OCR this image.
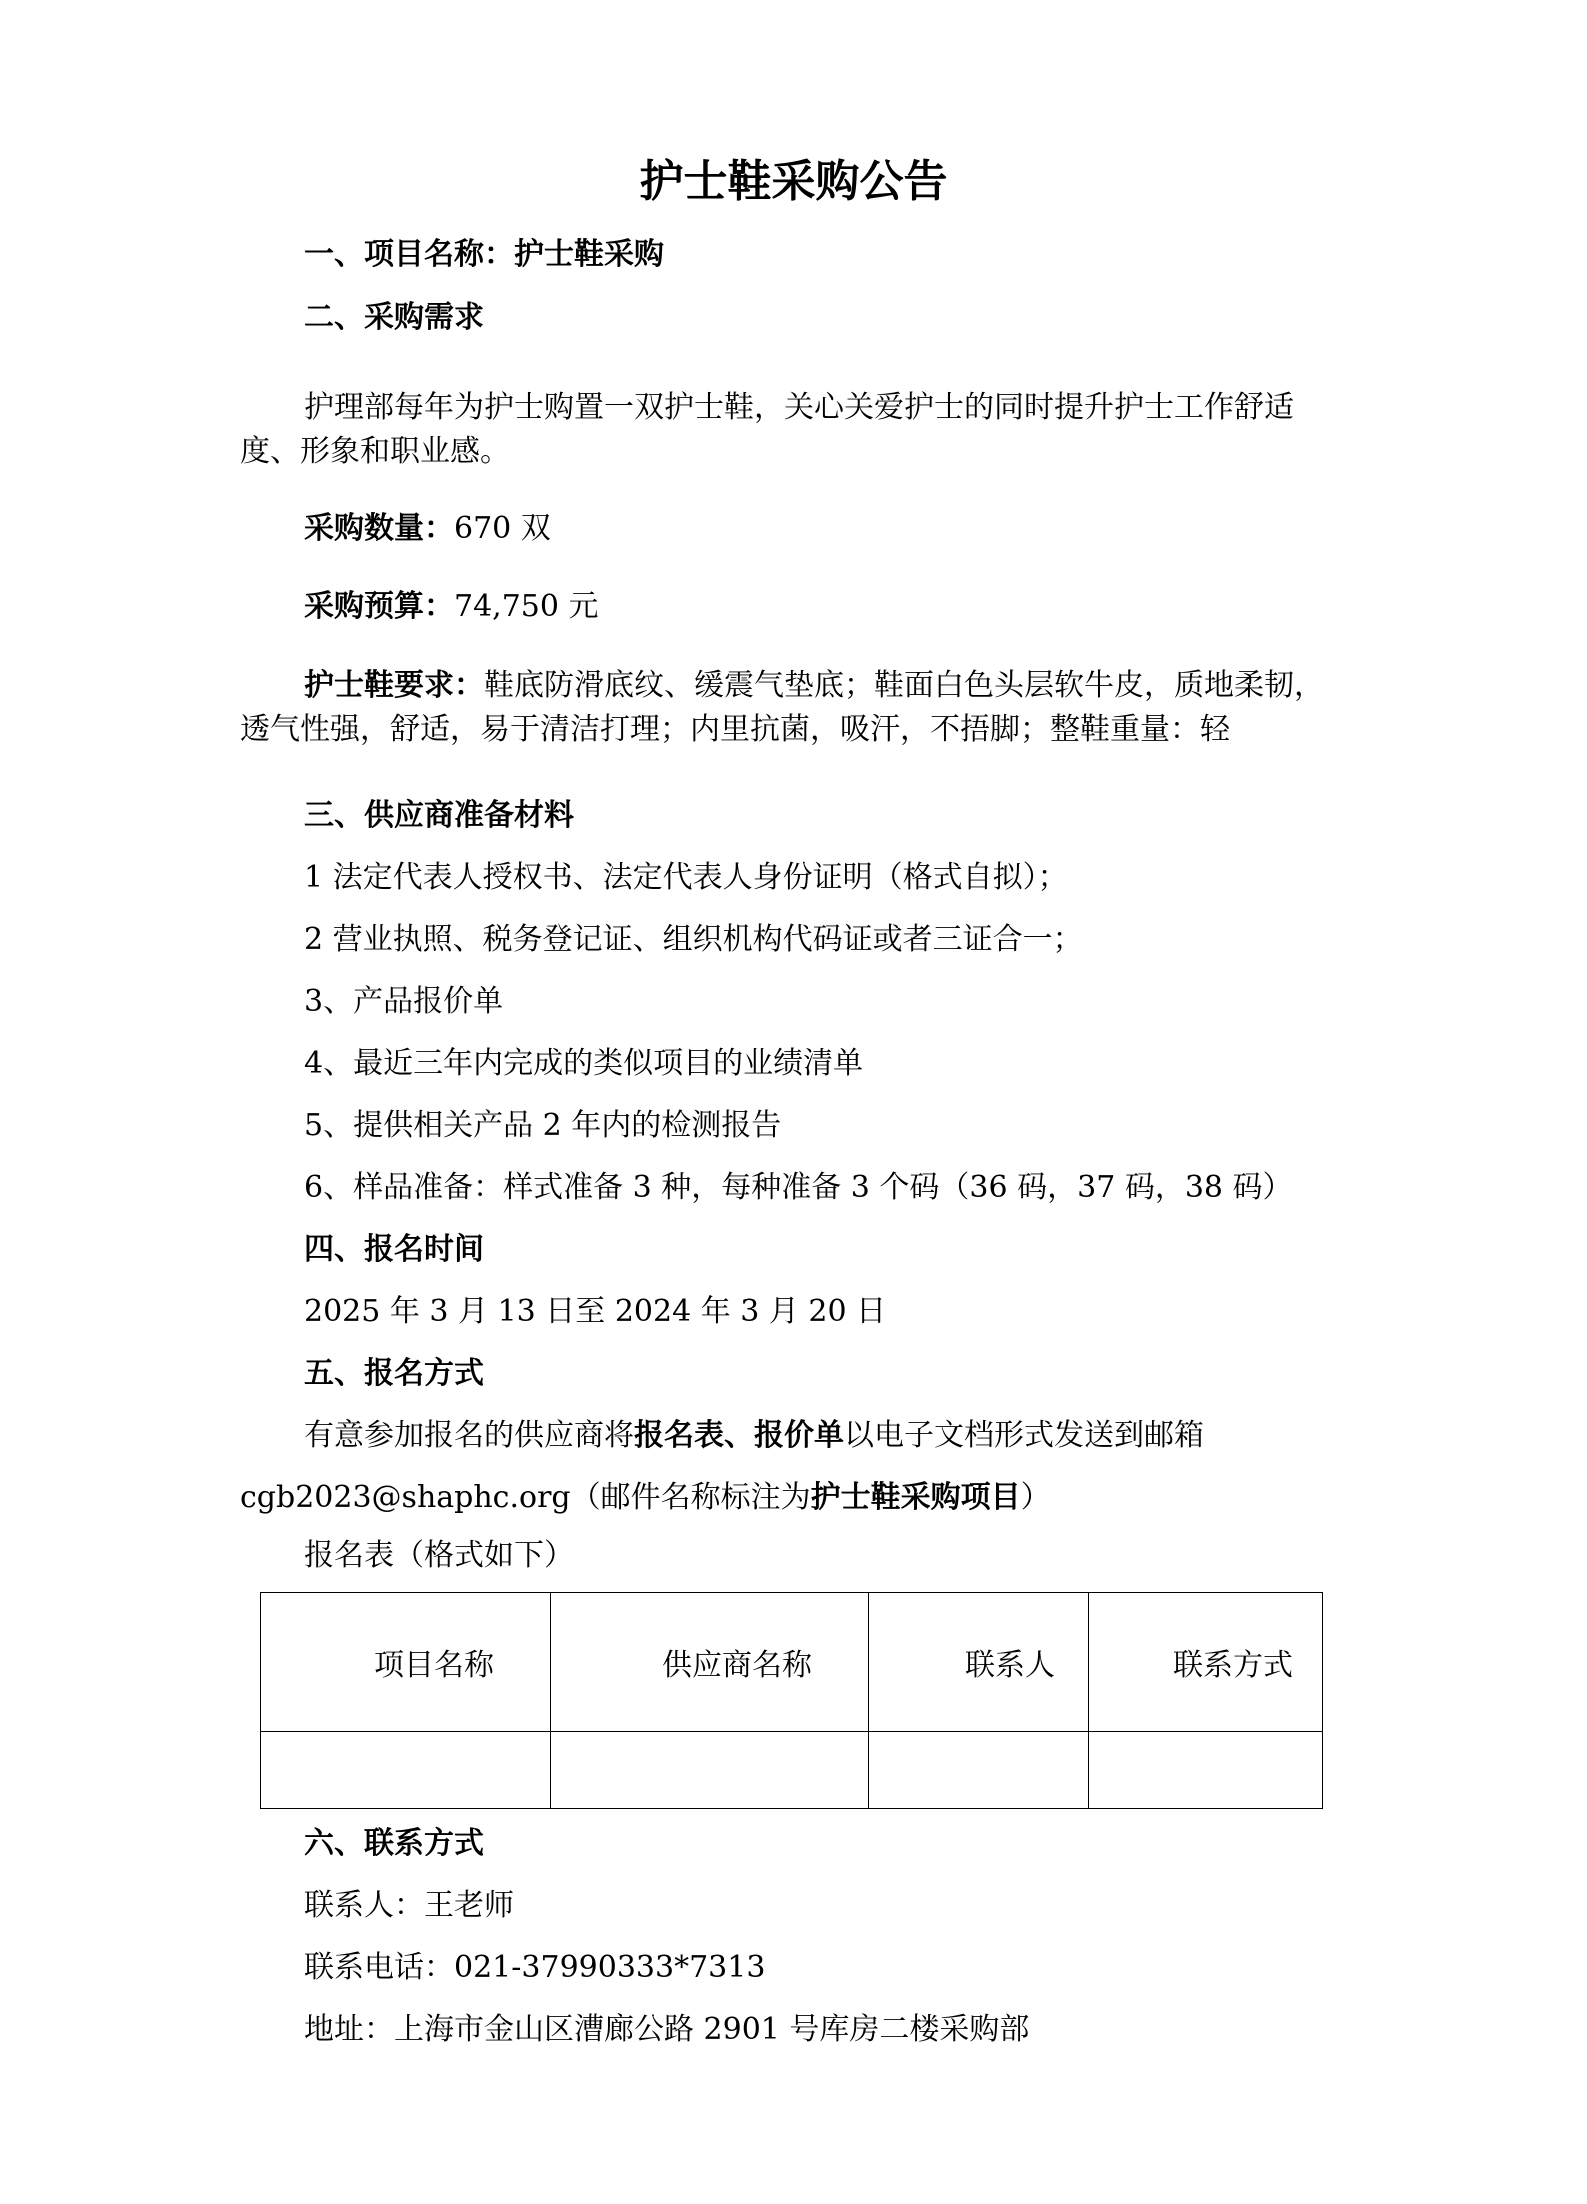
护士鞋采购公告
一、项目名称：护士鞋采购
二、采购需求
护理部每年为护士购置一双护士鞋，关心关爱护士的同时提升护士工作舒适
度、形象和职业感。
采购数量：670 双
采购预算：74,750 元
护士鞋要求：鞋底防滑底纹、缓震气垫底；鞋面白色头层软牛皮，质地柔韧，
透气性强，舒适，易于清洁打理；内里抗菌，吸汗，不捂脚；整鞋重量：轻
三、供应商准备材料
1 法定代表人授权书、法定代表人身份证明（格式自拟）；
2 营业执照、税务登记证、组织机构代码证或者三证合一；
3、产品报价单
4、最近三年内完成的类似项目的业绩清单
5、提供相关产品 2 年内的检测报告
6、样品准备：样式准备 3 种，每种准备 3 个码（36 码，37 码，38 码）
四、报名时间
2025 年 3 月 13 日至 2024 年 3 月 20 日
五、报名方式
有意参加报名的供应商将报名表、报价单以电子文档形式发送到邮箱
cgb2023@shaphc.org（邮件名称标注为护士鞋采购项目）
报名表（格式如下）
项目名称	供应商名称	联系人	联系方式

六、联系方式
联系人：王老师
联系电话：021-37990333*7313
地址：上海市金山区漕廊公路 2901 号库房二楼采购部
